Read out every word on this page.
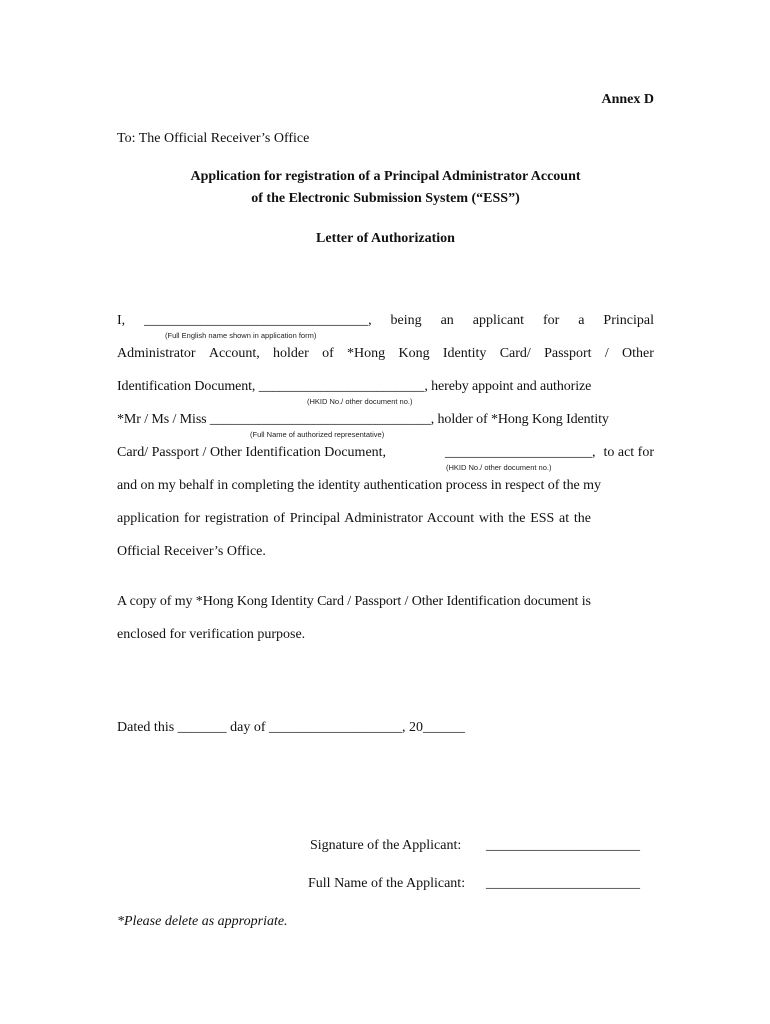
Annex D
To: The Official Receiver’s Office
Application for registration of a Principal Administrator Account
of the Electronic Submission System (“ESS”)
Letter of Authorization
I, ________________________________, being an applicant for a Principal
(Full English name shown in application form)
Administrator Account, holder of *Hong Kong Identity Card/ Passport / Other
Identification Document, ________________________, hereby appoint and authorize
(HKID No./ other document no.)
*Mr / Ms / Miss ________________________________, holder of *Hong Kong Identity
(Full Name of authorized representative)
Card/ Passport / Other Identification Document,	_____________________, to act for
(HKID No./ other document no.)
and on my behalf in completing the identity authentication process in respect of the my
application for registration of Principal Administrator Account with the ESS at the
Official Receiver’s Office.
A copy of my *Hong Kong Identity Card / Passport / Other Identification document is
enclosed for verification purpose.
Dated this _______ day of ___________________, 20______
Signature of the Applicant: ______________________
Full Name of the Applicant: ______________________
*Please delete as appropriate.
